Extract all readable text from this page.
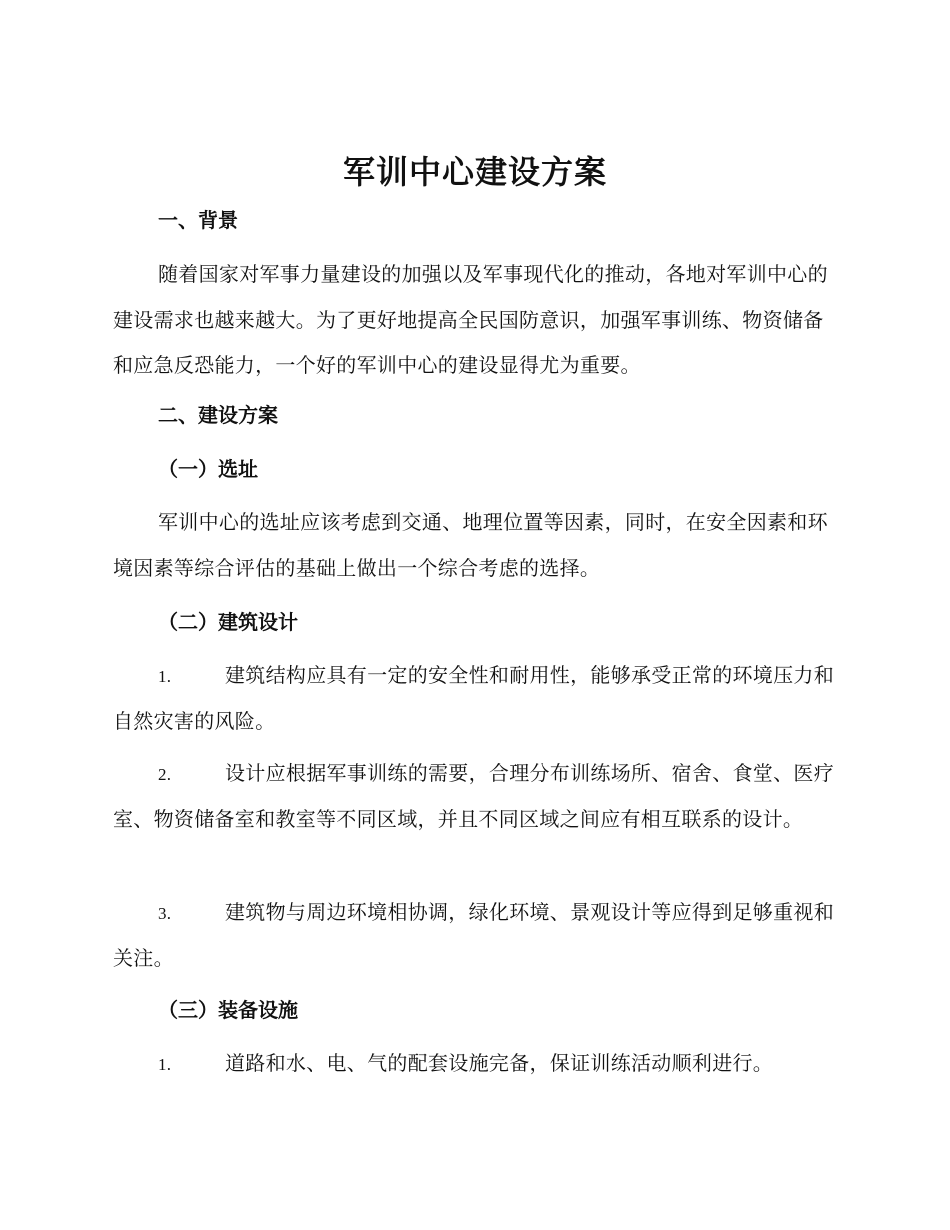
军训中心建设方案
一、背景
随着国家对军事力量建设的加强以及军事现代化的推动，各地对军训中心的建设需求也越来越大。为了更好地提高全民国防意识，加强军事训练、物资储备和应急反恐能力，一个好的军训中心的建设显得尤为重要。
二、建设方案
（一）选址
军训中心的选址应该考虑到交通、地理位置等因素，同时，在安全因素和环境因素等综合评估的基础上做出一个综合考虑的选择。
（二）建筑设计
1.	建筑结构应具有一定的安全性和耐用性，能够承受正常的环境压力和自然灾害的风险。
2.	设计应根据军事训练的需要，合理分布训练场所、宿舍、食堂、医疗室、物资储备室和教室等不同区域，并且不同区域之间应有相互联系的设计。
3.	建筑物与周边环境相协调，绿化环境、景观设计等应得到足够重视和关注。
（三）装备设施
1.	道路和水、电、气的配套设施完备，保证训练活动顺利进行。
